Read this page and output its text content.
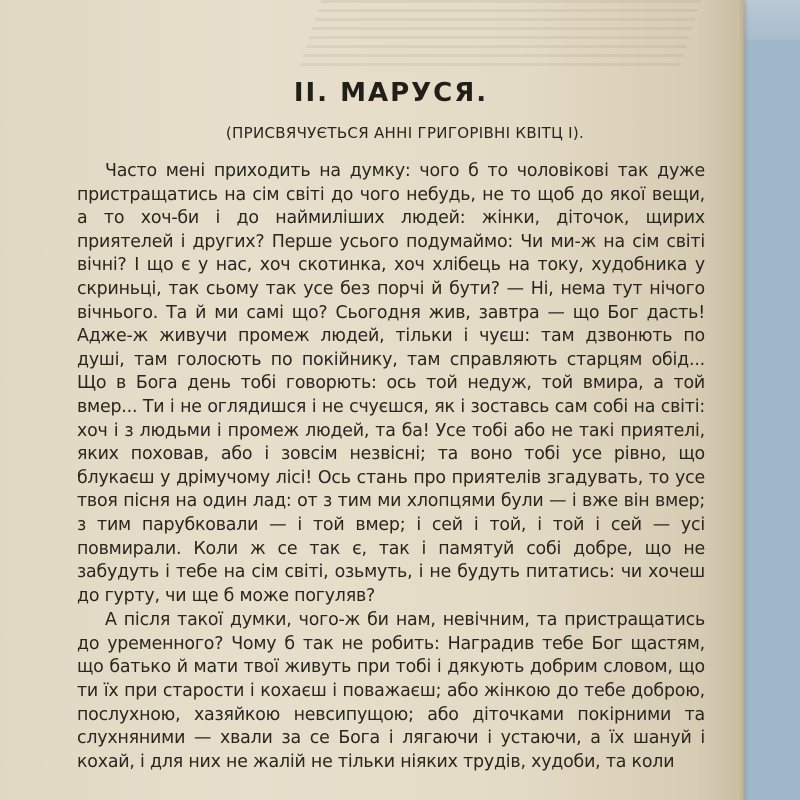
II. МАРУСЯ.
(ПРИСВЯЧУЄТЬСЯ АННІ ГРИГОРІВНІ КВІТЦ І).

Часто мені приходить на думку: чого б то чоловікові так дуже пристращатись на сім світі до чого небудь, не то щоб до якої вещи, а то хоч-би і до наймиліших людей: жінки, діточок, щирих приятелей і других? Перше усього подумаймо: Чи ми-ж на сім світі вічні? І що є у нас, хоч скотинка, хоч хлібець на току, худобника у скриньці, так сьому так усе без порчі й бути? — Ні, нема тут нічого вічнього. Та й ми самі що? Сьогодня жив, завтра — що Бог дасть! Адже-ж живучи промеж людей, тільки і чуєш: там дзвонють по душі, там голосють по покійнику, там справляють старцям обід... Що в Бога день тобі говорють: ось той недуж, той вмира, а той вмер... Ти і не оглядишся і не счуєшся, як і зоставсь сам собі на світі: хоч і з людьми і промеж людей, та ба! Усе тобі або не такі приятелі, яких поховав, або і зовсім незвісні; та воно тобі усе рівно, що блукаєш у дрімучому лісі! Ось стань про приятелів згадувать, то усе твоя пісня на один лад: от з тим ми хлопцями були — і вже він вмер; з тим парубковали — і той вмер; і сей і той, і той і сей — усі повмирали. Коли ж се так є, так і памятуй собі добре, що не забудуть і тебе на сім світі, озьмуть, і не будуть питатись: чи хочеш до гурту, чи ще б може погуляв?

А після такої думки, чого-ж би нам, невічним, та пристращатись до уременного? Чому б так не робить: Наградив тебе Бог щастям, що батько й мати твої живуть при тобі і дякують добрим словом, що ти їх при старости і кохаєш і поважаєш; або жінкою до тебе доброю, послухною, хазяйкою невсипущою; або діточками покірними та слухняними — хвали за се Бога і лягаючи і устаючи, а їх шануй і кохай, і для них не жалій не тільки ніяких трудів, худоби, та коли
